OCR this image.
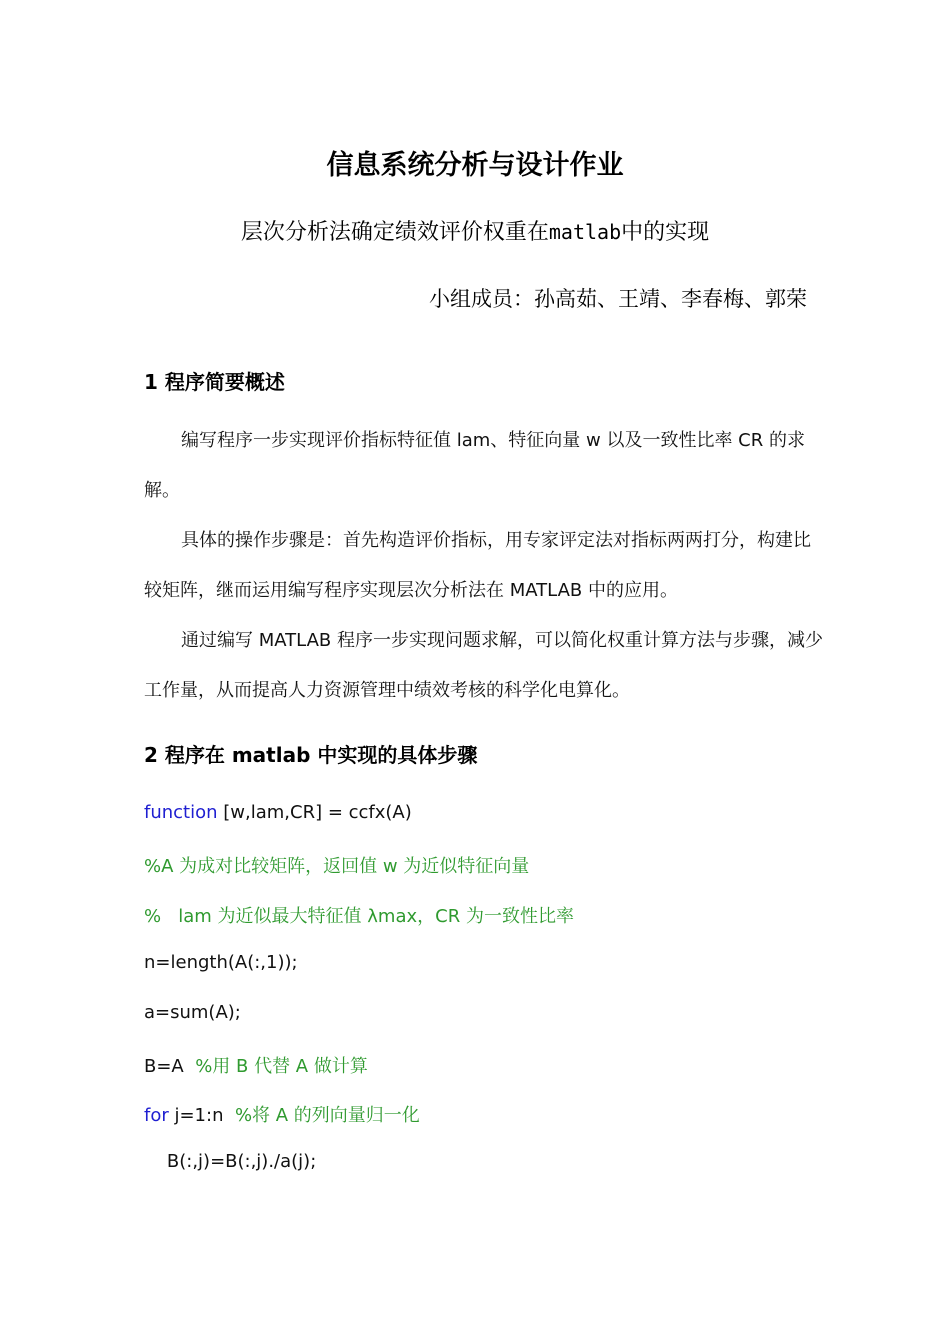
信息系统分析与设计作业
层次分析法确定绩效评价权重在matlab中的实现
小组成员：孙高茹、王靖、李春梅、郭荣
1 程序简要概述
编写程序一步实现评价指标特征值 lam、特征向量 w 以及一致性比率 CR 的求解。
具体的操作步骤是：首先构造评价指标，用专家评定法对指标两两打分，构建比较矩阵，继而运用编写程序实现层次分析法在 MATLAB 中的应用。
通过编写 MATLAB 程序一步实现问题求解，可以简化权重计算方法与步骤，减少工作量，从而提高人力资源管理中绩效考核的科学化电算化。
2 程序在 matlab 中实现的具体步骤
function [w,lam,CR] = ccfx(A)
%A 为成对比较矩阵，返回值 w 为近似特征向量
%   lam 为近似最大特征值 λmax，CR 为一致性比率
n=length(A(:,1));
a=sum(A);
B=A  %用 B 代替 A 做计算
for j=1:n  %将 A 的列向量归一化
B(:,j)=B(:,j)./a(j);
